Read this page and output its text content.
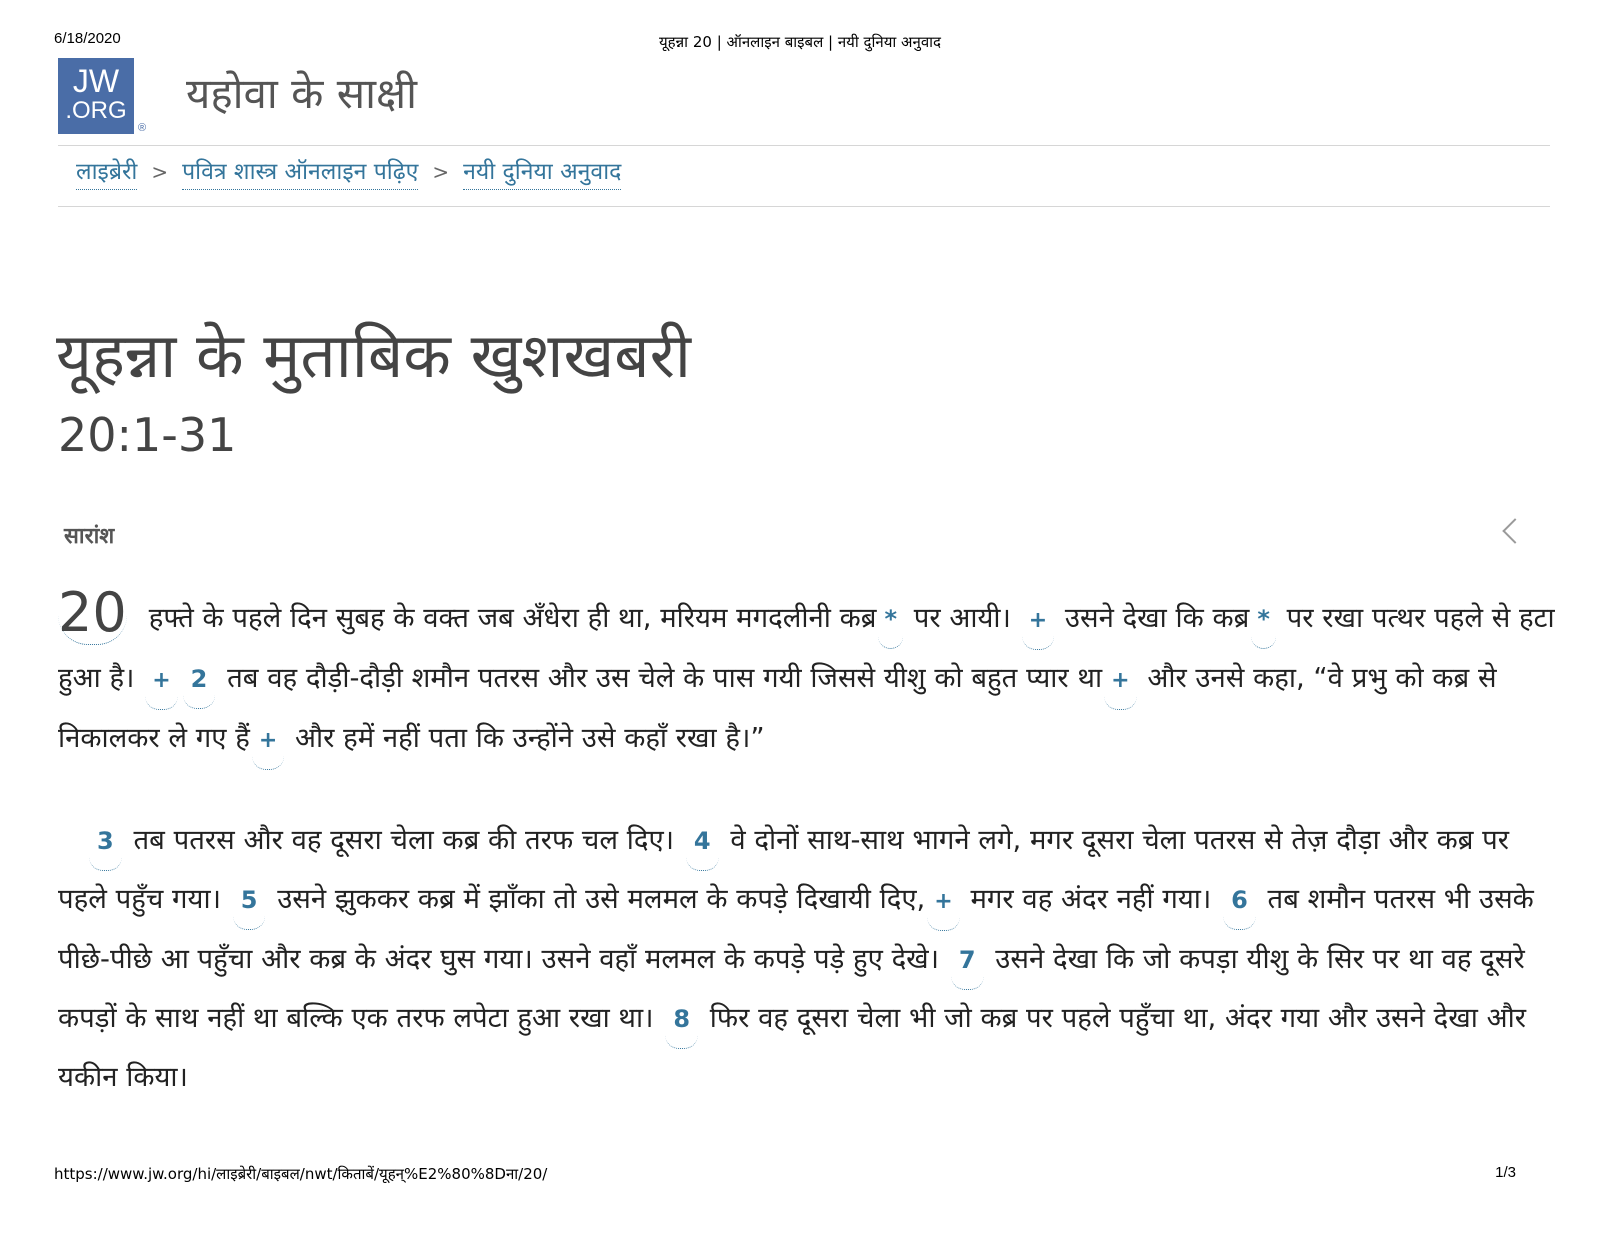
6/18/2020	यूहन्ना 20 | ऑनलाइन बाइबल | नयी दुनिया अनुवाद
JW
.ORG
®
यहोवा के साक्षी
लाइब्रेरी > पवित्र शास्त्र ऑनलाइन पढ़िए > नयी दुनिया अनुवाद
यूहन्ना के मुताबिक खुशखबरी
20:1-31
सारांश
20 हफ्ते के पहले दिन सुबह के वक्त जब अँधेरा ही था, मरियम मगदलीनी कब्र * पर आयी। + उसने देखा कि कब्र * पर रखा पत्थर पहले से हटा हुआ है। + 2 तब वह दौड़ी-दौड़ी शमौन पतरस और उस चेले के पास गयी जिससे यीशु को बहुत प्यार था + और उनसे कहा, “वे प्रभु को कब्र से निकालकर ले गए हैं + और हमें नहीं पता कि उन्होंने उसे कहाँ रखा है।”
3 तब पतरस और वह दूसरा चेला कब्र की तरफ चल दिए। 4 वे दोनों साथ-साथ भागने लगे, मगर दूसरा चेला पतरस से तेज़ दौड़ा और कब्र पर पहले पहुँच गया। 5 उसने झुककर कब्र में झाँका तो उसे मलमल के कपड़े दिखायी दिए, + मगर वह अंदर नहीं गया। 6 तब शमौन पतरस भी उसके पीछे-पीछे आ पहुँचा और कब्र के अंदर घुस गया। उसने वहाँ मलमल के कपड़े पड़े हुए देखे। 7 उसने देखा कि जो कपड़ा यीशु के सिर पर था वह दूसरे कपड़ों के साथ नहीं था बल्कि एक तरफ लपेटा हुआ रखा था। 8 फिर वह दूसरा चेला भी जो कब्र पर पहले पहुँचा था, अंदर गया और उसने देखा और यकीन किया।
https://www.jw.org/hi/लाइब्रेरी/बाइबल/nwt/किताबें/यूहन्%E2%80%8Dना/20/	1/3
